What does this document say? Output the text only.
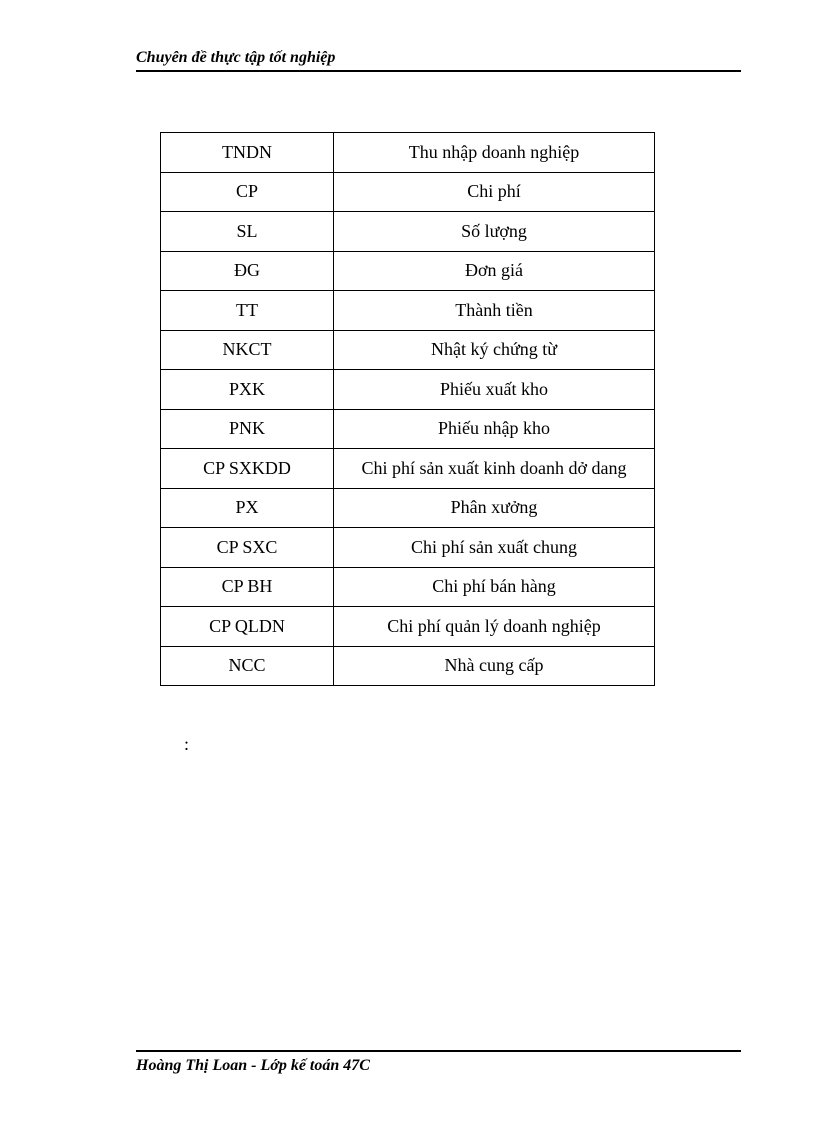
Chuyên đề thực tập tốt nghiệp
TNDN	Thu nhập doanh nghiệp
CP	Chi phí
SL	Số lượng
ĐG	Đơn giá
TT	Thành tiền
NKCT	Nhật ký chứng từ
PXK	Phiếu xuất kho
PNK	Phiếu nhập kho
CP SXKDD	Chi phí sản xuất kinh doanh dở dang
PX	Phân xưởng
CP SXC	Chi phí sản xuất chung
CP BH	Chi phí bán hàng
CP QLDN	Chi phí quản lý doanh nghiệp
NCC	Nhà cung cấp
:
Hoàng Thị Loan - Lớp kế toán 47C
